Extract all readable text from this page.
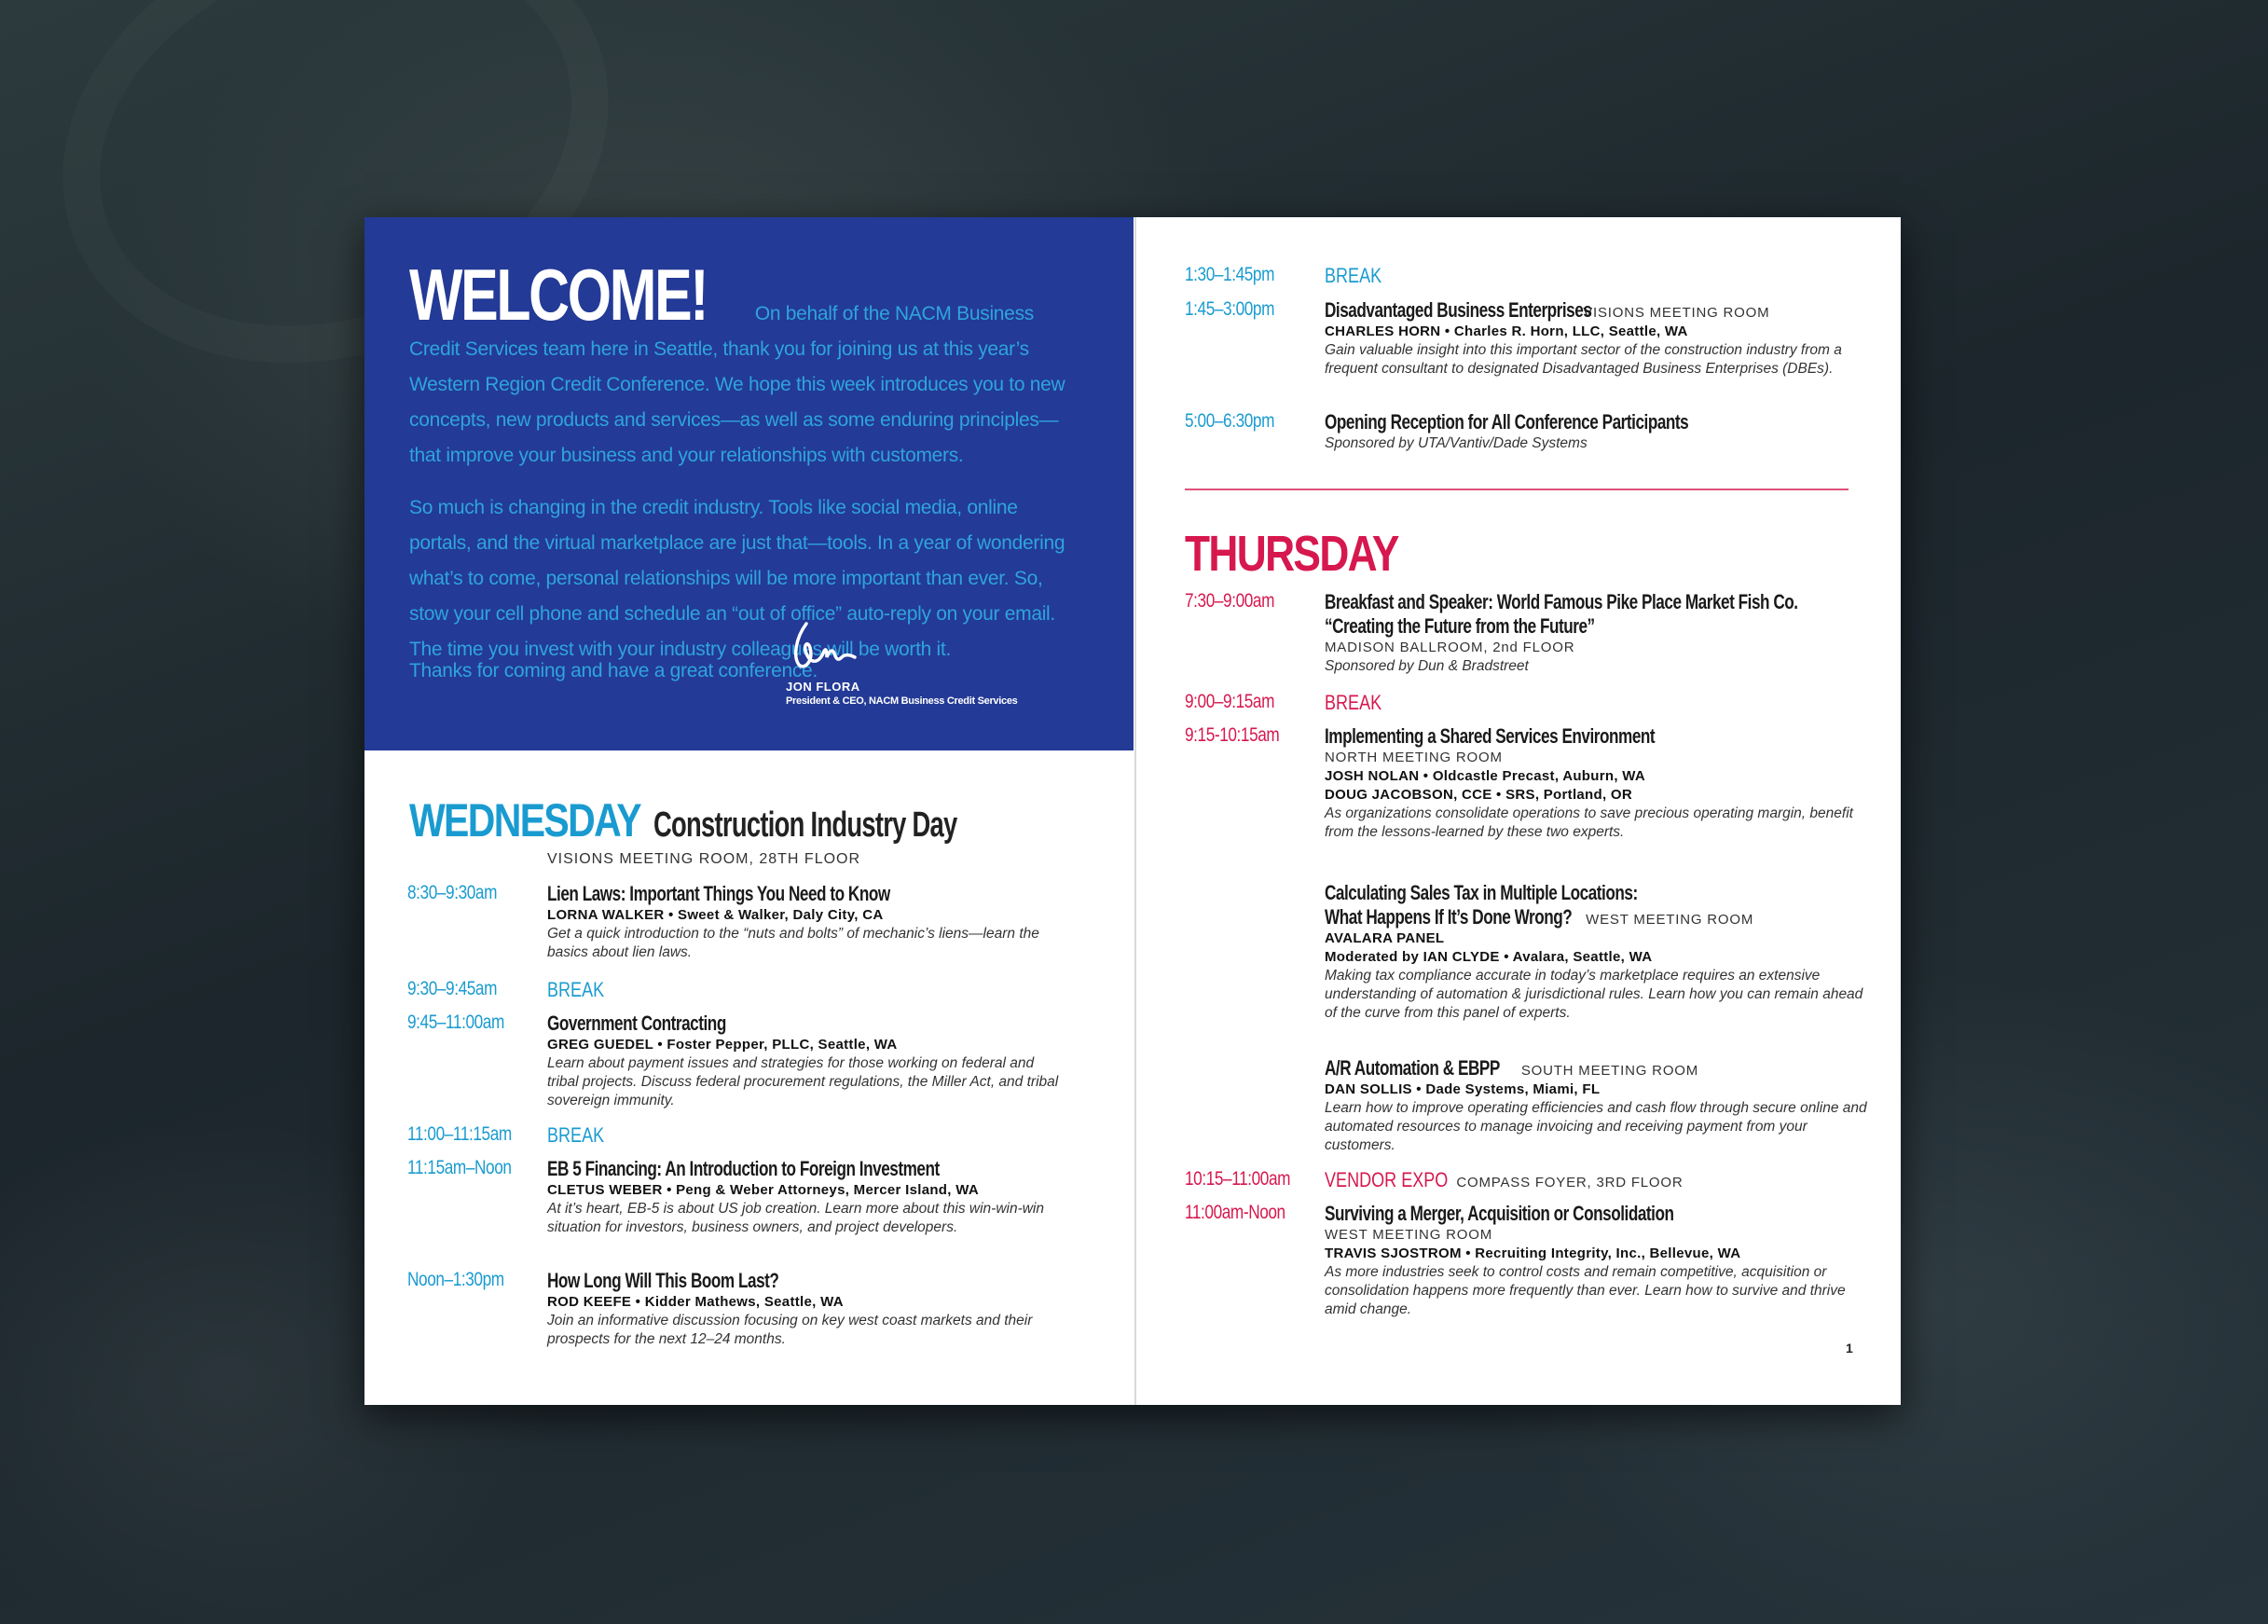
WELCOME! On behalf of the NACM Business Credit Services team here in Seattle, thank you for joining us at this year’s Western Region Credit Conference. We hope this week introduces you to new concepts, new products and services—as well as some enduring principles—that improve your business and your relationships with customers.

So much is changing in the credit industry. Tools like social media, online portals, and the virtual marketplace are just that—tools. In a year of wondering what’s to come, personal relationships will be more important than ever. So, stow your cell phone and schedule an “out of office” auto-reply on your email. The time you invest with your industry colleagues will be worth it.

Thanks for coming and have a great conference.
JON FLORA
President & CEO, NACM Business Credit Services
WEDNESDAY Construction Industry Day
VISIONS MEETING ROOM, 28TH FLOOR
8:30–9:30am Lien Laws: Important Things You Need to Know
LORNA WALKER • Sweet & Walker, Daly City, CA
Get a quick introduction to the “nuts and bolts” of mechanic’s liens—learn the basics about lien laws.
9:30–9:45am BREAK
9:45–11:00am Government Contracting
GREG GUEDEL • Foster Pepper, PLLC, Seattle, WA
Learn about payment issues and strategies for those working on federal and tribal projects. Discuss federal procurement regulations, the Miller Act, and tribal sovereign immunity.
11:00–11:15am BREAK
11:15am–Noon EB 5 Financing: An Introduction to Foreign Investment
CLETUS WEBER • Peng & Weber Attorneys, Mercer Island, WA
At it’s heart, EB-5 is about US job creation. Learn more about this win-win-win situation for investors, business owners, and project developers.
Noon–1:30pm How Long Will This Boom Last?
ROD KEEFE • Kidder Mathews, Seattle, WA
Join an informative discussion focusing on key west coast markets and their prospects for the next 12–24 months.
1:30–1:45pm BREAK
1:45–3:00pm Disadvantaged Business EnterprisesVISIONS MEETING ROOM
CHARLES HORN • Charles R. Horn, LLC, Seattle, WA
Gain valuable insight into this important sector of the construction industry from a frequent consultant to designated Disadvantaged Business Enterprises (DBEs).
5:00–6:30pm Opening Reception for All Conference Participants
Sponsored by UTA/Vantiv/Dade Systems
THURSDAY
7:30–9:00am Breakfast and Speaker: World Famous Pike Place Market Fish Co. “Creating the Future from the Future”
MADISON BALLROOM, 2nd FLOOR
Sponsored by Dun & Bradstreet
9:00–9:15am BREAK
9:15-10:15am Implementing a Shared Services Environment
NORTH MEETING ROOM
JOSH NOLAN • Oldcastle Precast, Auburn, WA
DOUG JACOBSON, CCE • SRS, Portland, OR
As organizations consolidate operations to save precious operating margin, benefit from the lessons-learned by these two experts.
Calculating Sales Tax in Multiple Locations:
What Happens If It’s Done Wrong? WEST MEETING ROOM
AVALARA PANEL
Moderated by IAN CLYDE • Avalara, Seattle, WA
Making tax compliance accurate in today’s marketplace requires an extensive understanding of automation & jurisdictional rules. Learn how you can remain ahead of the curve from this panel of experts.
A/R Automation & EBPP SOUTH MEETING ROOM
DAN SOLLIS • Dade Systems, Miami, FL
Learn how to improve operating efficiencies and cash flow through secure online and automated resources to manage invoicing and receiving payment from your customers.
10:15–11:00am VENDOR EXPO COMPASS FOYER, 3RD FLOOR
11:00am-Noon Surviving a Merger, Acquisition or Consolidation
WEST MEETING ROOM
TRAVIS SJOSTROM • Recruiting Integrity, Inc., Bellevue, WA
As more industries seek to control costs and remain competitive, acquisition or consolidation happens more frequently than ever. Learn how to survive and thrive amid change.
1
